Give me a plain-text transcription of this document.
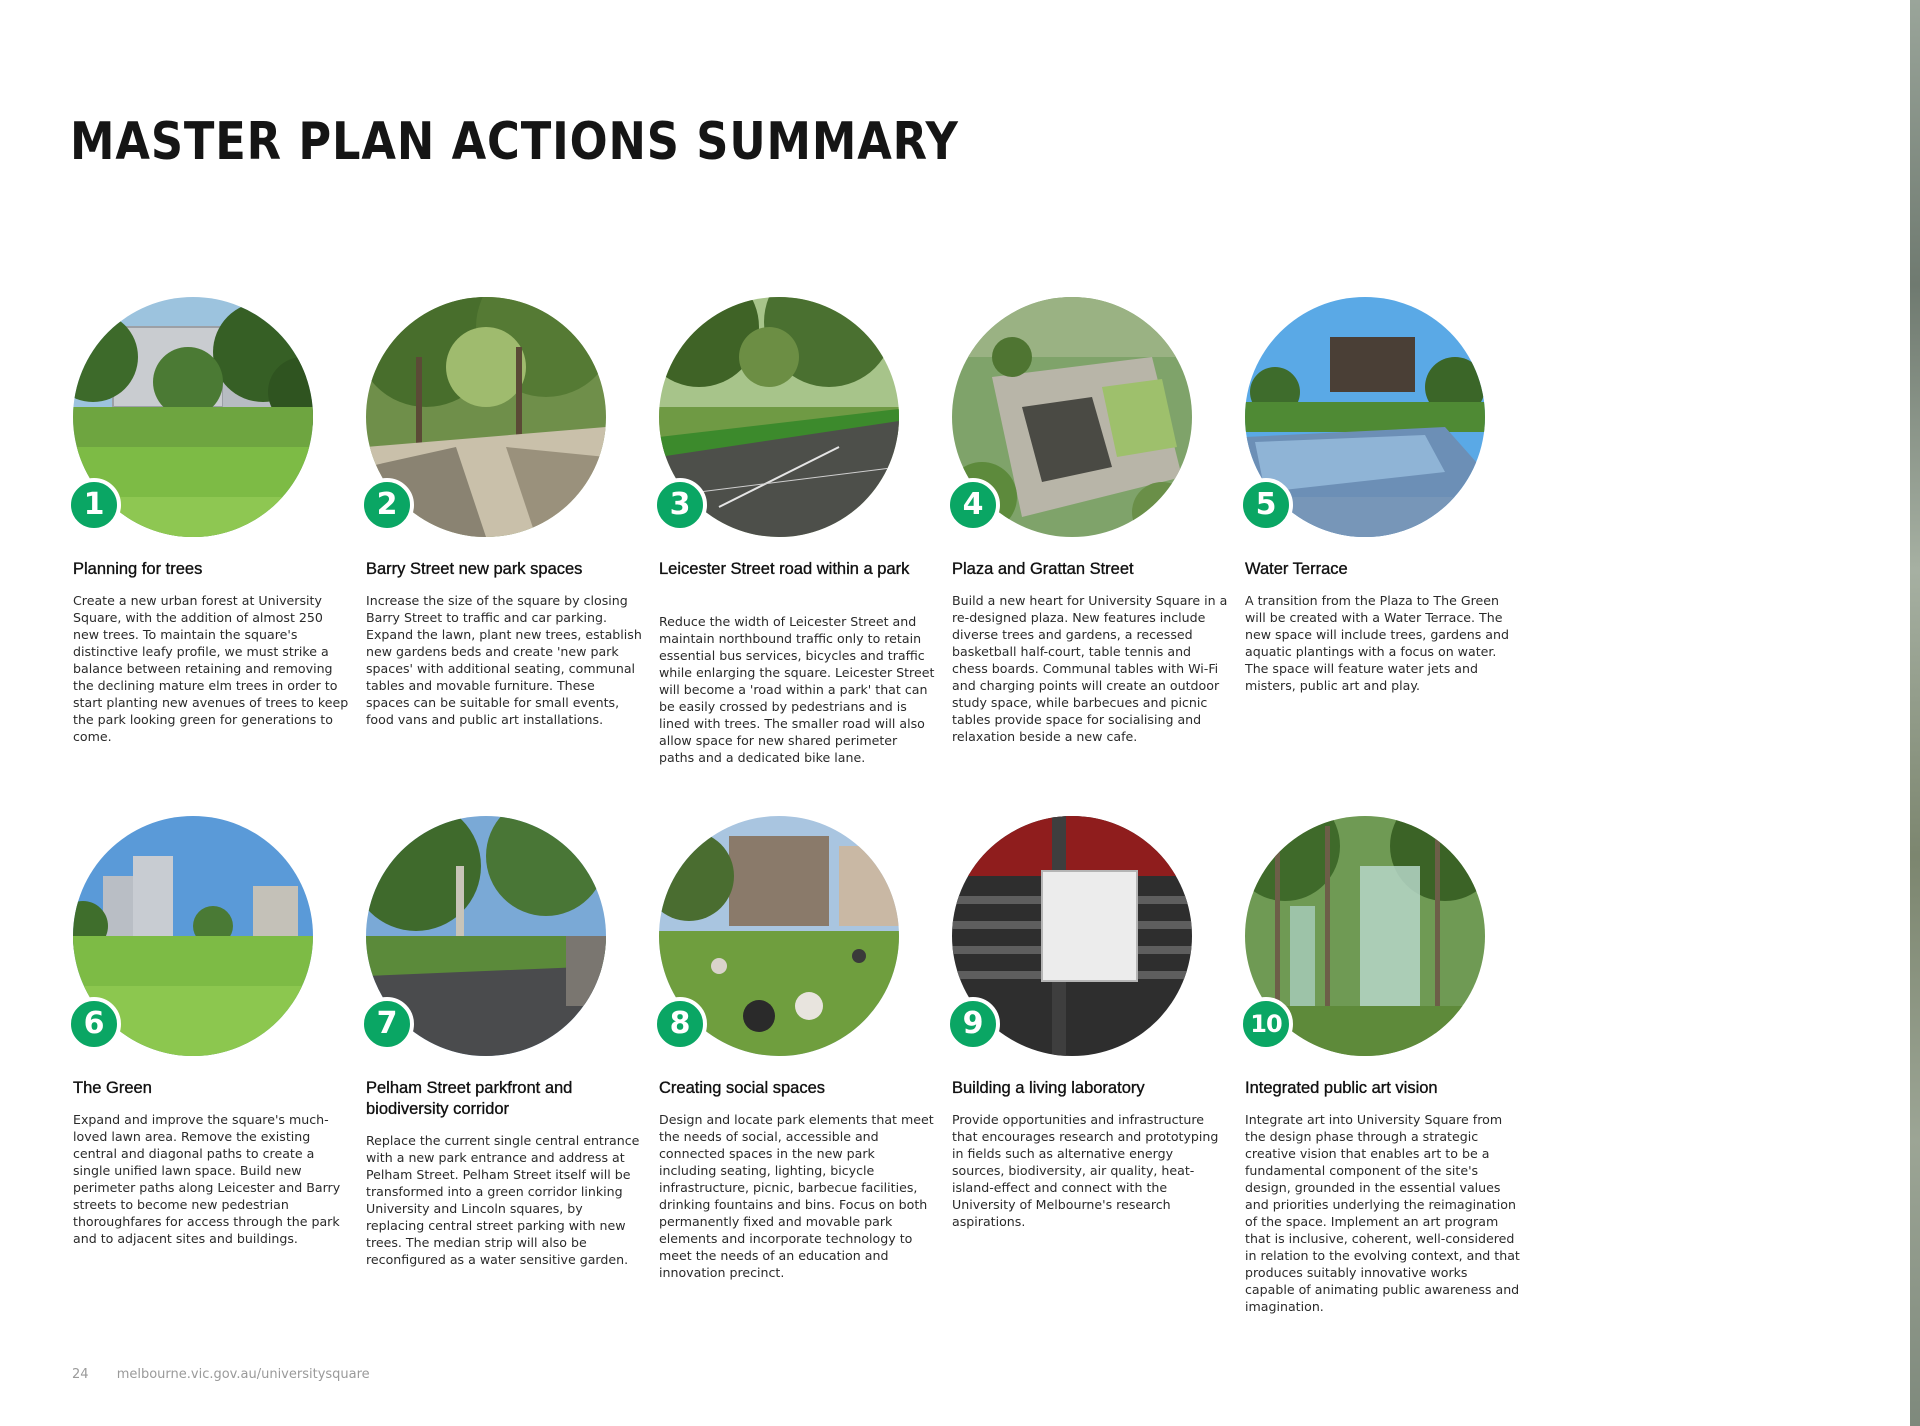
MASTER PLAN ACTIONS SUMMARY
1
Planning for trees

Create a new urban forest at University Square, with the addition of almost 250 new trees. To maintain the square's distinctive leafy profile, we must strike a balance between retaining and removing the declining mature elm trees in order to start planting new avenues of trees to keep the park looking green for generations to come.

2
Barry Street new park spaces

Increase the size of the square by closing Barry Street to traffic and car parking. Expand the lawn, plant new trees, establish new gardens beds and create 'new park spaces' with additional seating, communal tables and movable furniture. These spaces can be suitable for small events, food vans and public art installations.

3
Leicester Street road within a park

Reduce the width of Leicester Street and maintain northbound traffic only to retain essential bus services, bicycles and traffic while enlarging the square. Leicester Street will become a 'road within a park' that can be easily crossed by pedestrians and is lined with trees. The smaller road will also allow space for new shared perimeter paths and a dedicated bike lane.

4
Plaza and Grattan Street

Build a new heart for University Square in a re-designed plaza. New features include diverse trees and gardens, a recessed basketball half-court, table tennis and chess boards. Communal tables with Wi-Fi and charging points will create an outdoor study space, while barbecues and picnic tables provide space for socialising and relaxation beside a new cafe.

5
Water Terrace

A transition from the Plaza to The Green will be created with a Water Terrace. The new space will include trees, gardens and aquatic plantings with a focus on water. The space will feature water jets and misters, public art and play.

6
The Green

Expand and improve the square's much-loved lawn area. Remove the existing central and diagonal paths to create a single unified lawn space. Build new perimeter paths along Leicester and Barry streets to become new pedestrian thoroughfares for access through the park and to adjacent sites and buildings.

7
Pelham Street parkfront and biodiversity corridor

Replace the current single central entrance with a new park entrance and address at Pelham Street. Pelham Street itself will be transformed into a green corridor linking University and Lincoln squares, by replacing central street parking with new trees. The median strip will also be reconfigured as a water sensitive garden.

8
Creating social spaces

Design and locate park elements that meet the needs of social, accessible and connected spaces in the new park including seating, lighting, bicycle infrastructure, picnic, barbecue facilities, drinking fountains and bins. Focus on both permanently fixed and movable park elements and incorporate technology to meet the needs of an education and innovation precinct.

9
Building a living laboratory

Provide opportunities and infrastructure that encourages research and prototyping in fields such as alternative energy sources, biodiversity, air quality, heat-island-effect and connect with the University of Melbourne's research aspirations.

10
Integrated public art vision

Integrate art into University Square from the design phase through a strategic creative vision that enables art to be a fundamental component of the site's design, grounded in the essential values and priorities underlying the reimagination of the space. Implement an art program that is inclusive, coherent, well-considered in relation to the evolving context, and that produces suitably innovative works capable of animating public awareness and imagination.

24 melbourne.vic.gov.au/universitysquare
